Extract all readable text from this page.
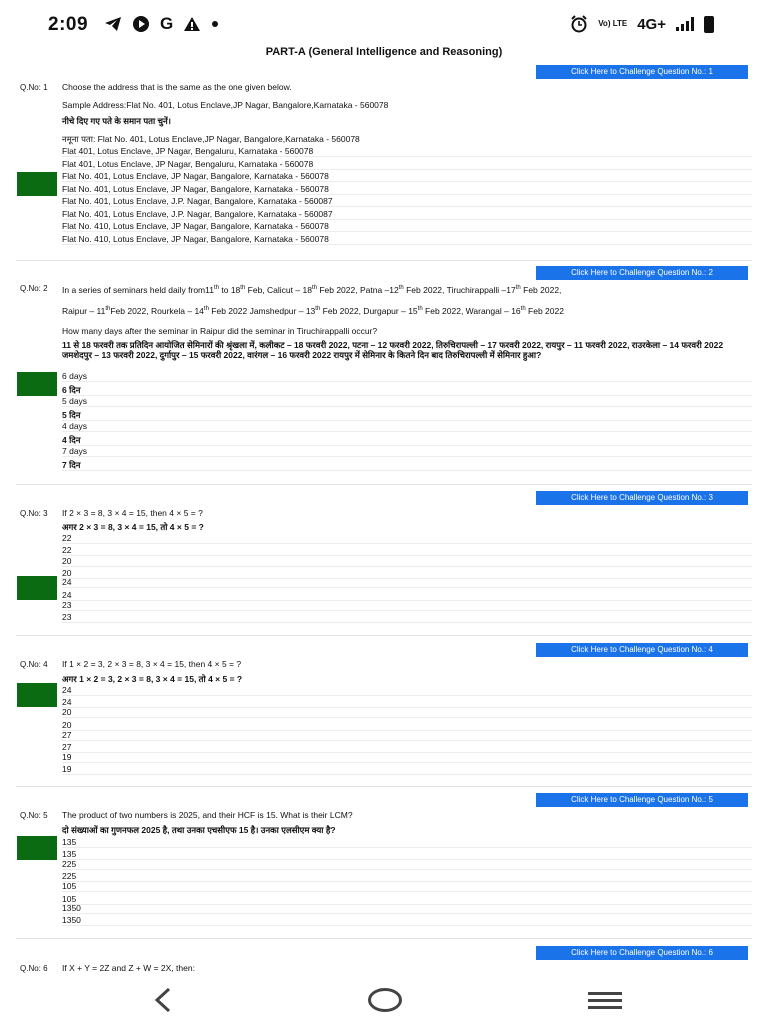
2:09	G	Vo) LTE 4G+
PART-A (General Intelligence and Reasoning)
Click Here to Challenge Question No.: 1
Q.No: 1 Choose the address that is the same as the one given below.
Sample Address:Flat No. 401, Lotus Enclave,JP Nagar, Bangalore,Karnataka - 560078
नीचे दिए गए पते के समान पता चुनें।
नमूना पता: Flat No. 401, Lotus Enclave,JP Nagar, Bangalore,Karnataka - 560078
Flat 401, Lotus Enclave, JP Nagar, Bengaluru, Karnataka - 560078
Flat 401, Lotus Enclave, JP Nagar, Bengaluru, Karnataka - 560078
Flat No. 401, Lotus Enclave, JP Nagar, Bangalore, Karnataka - 560078
Flat No. 401, Lotus Enclave, JP Nagar, Bangalore, Karnataka - 560078
Flat No. 401, Lotus Enclave, J.P. Nagar, Bangalore, Karnataka - 560087
Flat No. 401, Lotus Enclave, J.P. Nagar, Bangalore, Karnataka - 560087
Flat No. 410, Lotus Enclave, JP Nagar, Bangalore, Karnataka - 560078
Flat No. 410, Lotus Enclave, JP Nagar, Bangalore, Karnataka - 560078
Click Here to Challenge Question No.: 2
Q.No: 2 In a series of seminars held daily from11th to 18th Feb, Calicut – 18th Feb 2022, Patna –12th Feb 2022, Tiruchirappalli –17th Feb 2022,
Raipur – 11thFeb 2022, Rourkela – 14th Feb 2022 Jamshedpur – 13th Feb 2022, Durgapur – 15th Feb 2022, Warangal – 16th Feb 2022
How many days after the seminar in Raipur did the seminar in Tiruchirappalli occur?
11 से 18 फरवरी तक प्रतिदिन आयोजित सेमिनारों की श्रृंखला में, कलीकट – 18 फरवरी 2022, पटना – 12 फरवरी 2022, तिरुचिरापल्ली – 17 फरवरी 2022, रायपुर – 11 फरवरी 2022, राउरकेला – 14 फरवरी 2022 जमशेदपुर – 13 फरवरी 2022, दुर्गापुर – 15 फरवरी 2022, वारंगल – 16 फरवरी 2022 रायपुर में सेमिनार के कितने दिन बाद तिरुचिरापल्ली में सेमिनार हुआ?
6 days
6 दिन
5 days
5 दिन
4 days
4 दिन
7 days
7 दिन
Click Here to Challenge Question No.: 3
Q.No: 3 If 2 × 3 = 8, 3 × 4 = 15, then 4 × 5 = ?
अगर 2 × 3 = 8, 3 × 4 = 15, तो 4 × 5 = ?
22
22
20
20
24
24
23
23
Click Here to Challenge Question No.: 4
Q.No: 4 If 1 × 2 = 3, 2 × 3 = 8, 3 × 4 = 15, then 4 × 5 = ?
अगर 1 × 2 = 3, 2 × 3 = 8, 3 × 4 = 15, तो 4 × 5 = ?
24
24
20
20
27
27
19
19
Click Here to Challenge Question No.: 5
Q.No: 5 The product of two numbers is 2025, and their HCF is 15. What is their LCM?
दो संख्याओं का गुणनफल 2025 है, तथा उनका एचसीएफ 15 है। उनका एलसीएम क्या है?
135
135
225
225
105
105
1350
1350
Click Here to Challenge Question No.: 6
Q.No: 6 If X + Y = 2Z and Z + W = 2X, then:
